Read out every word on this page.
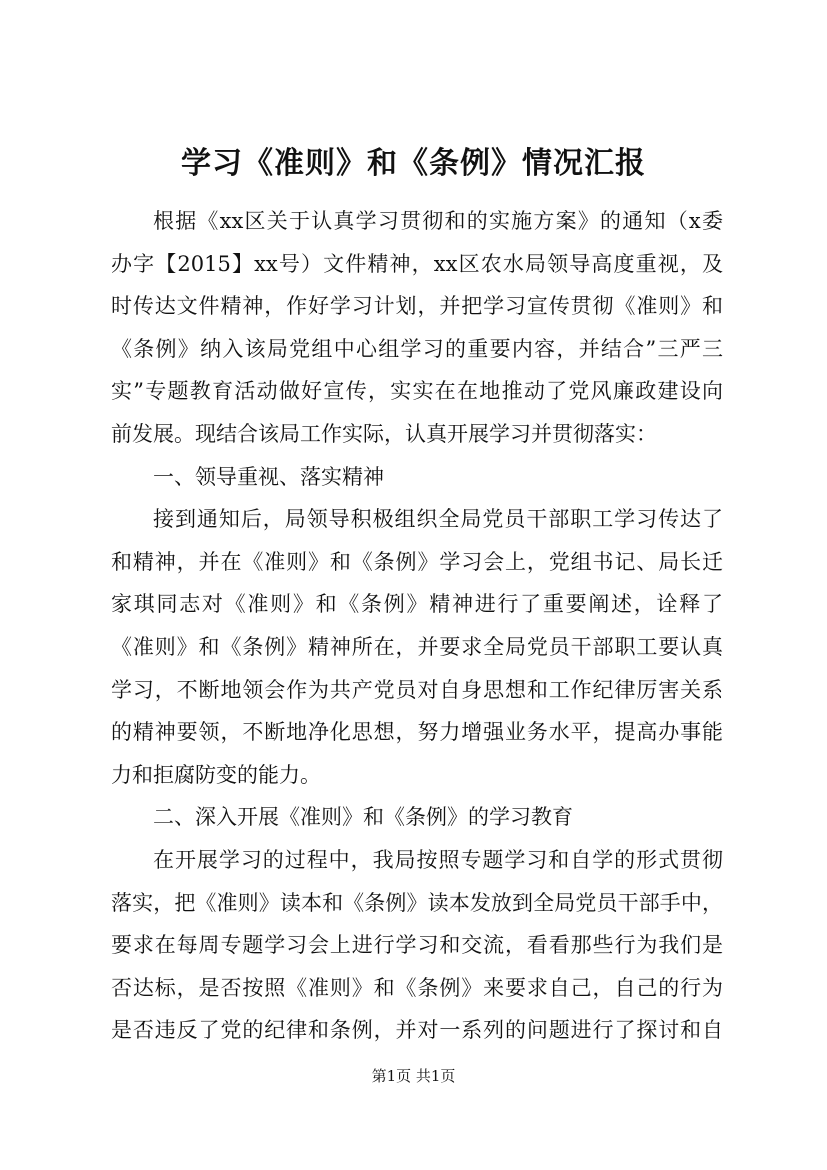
学习《准则》和《条例》情况汇报
根据《xx区关于认真学习贯彻和的实施方案》的通知（x委
办字【2015】xx号）文件精神，xx区农水局领导高度重视，及
时传达文件精神，作好学习计划，并把学习宣传贯彻《准则》和
《条例》纳入该局党组中心组学习的重要内容，并结合”三严三
实”专题教育活动做好宣传，实实在在地推动了党风廉政建设向
前发展。现结合该局工作实际，认真开展学习并贯彻落实：
一、领导重视、落实精神
接到通知后，局领导积极组织全局党员干部职工学习传达了
和精神，并在《准则》和《条例》学习会上，党组书记、局长迁
家琪同志对《准则》和《条例》精神进行了重要阐述，诠释了
《准则》和《条例》精神所在，并要求全局党员干部职工要认真
学习，不断地领会作为共产党员对自身思想和工作纪律厉害关系
的精神要领，不断地净化思想，努力增强业务水平，提高办事能
力和拒腐防变的能力。
二、深入开展《准则》和《条例》的学习教育
在开展学习的过程中，我局按照专题学习和自学的形式贯彻
落实，把《准则》读本和《条例》读本发放到全局党员干部手中，
要求在每周专题学习会上进行学习和交流，看看那些行为我们是
否达标，是否按照《准则》和《条例》来要求自己，自己的行为
是否违反了党的纪律和条例，并对一系列的问题进行了探讨和自
第1页 共1页
